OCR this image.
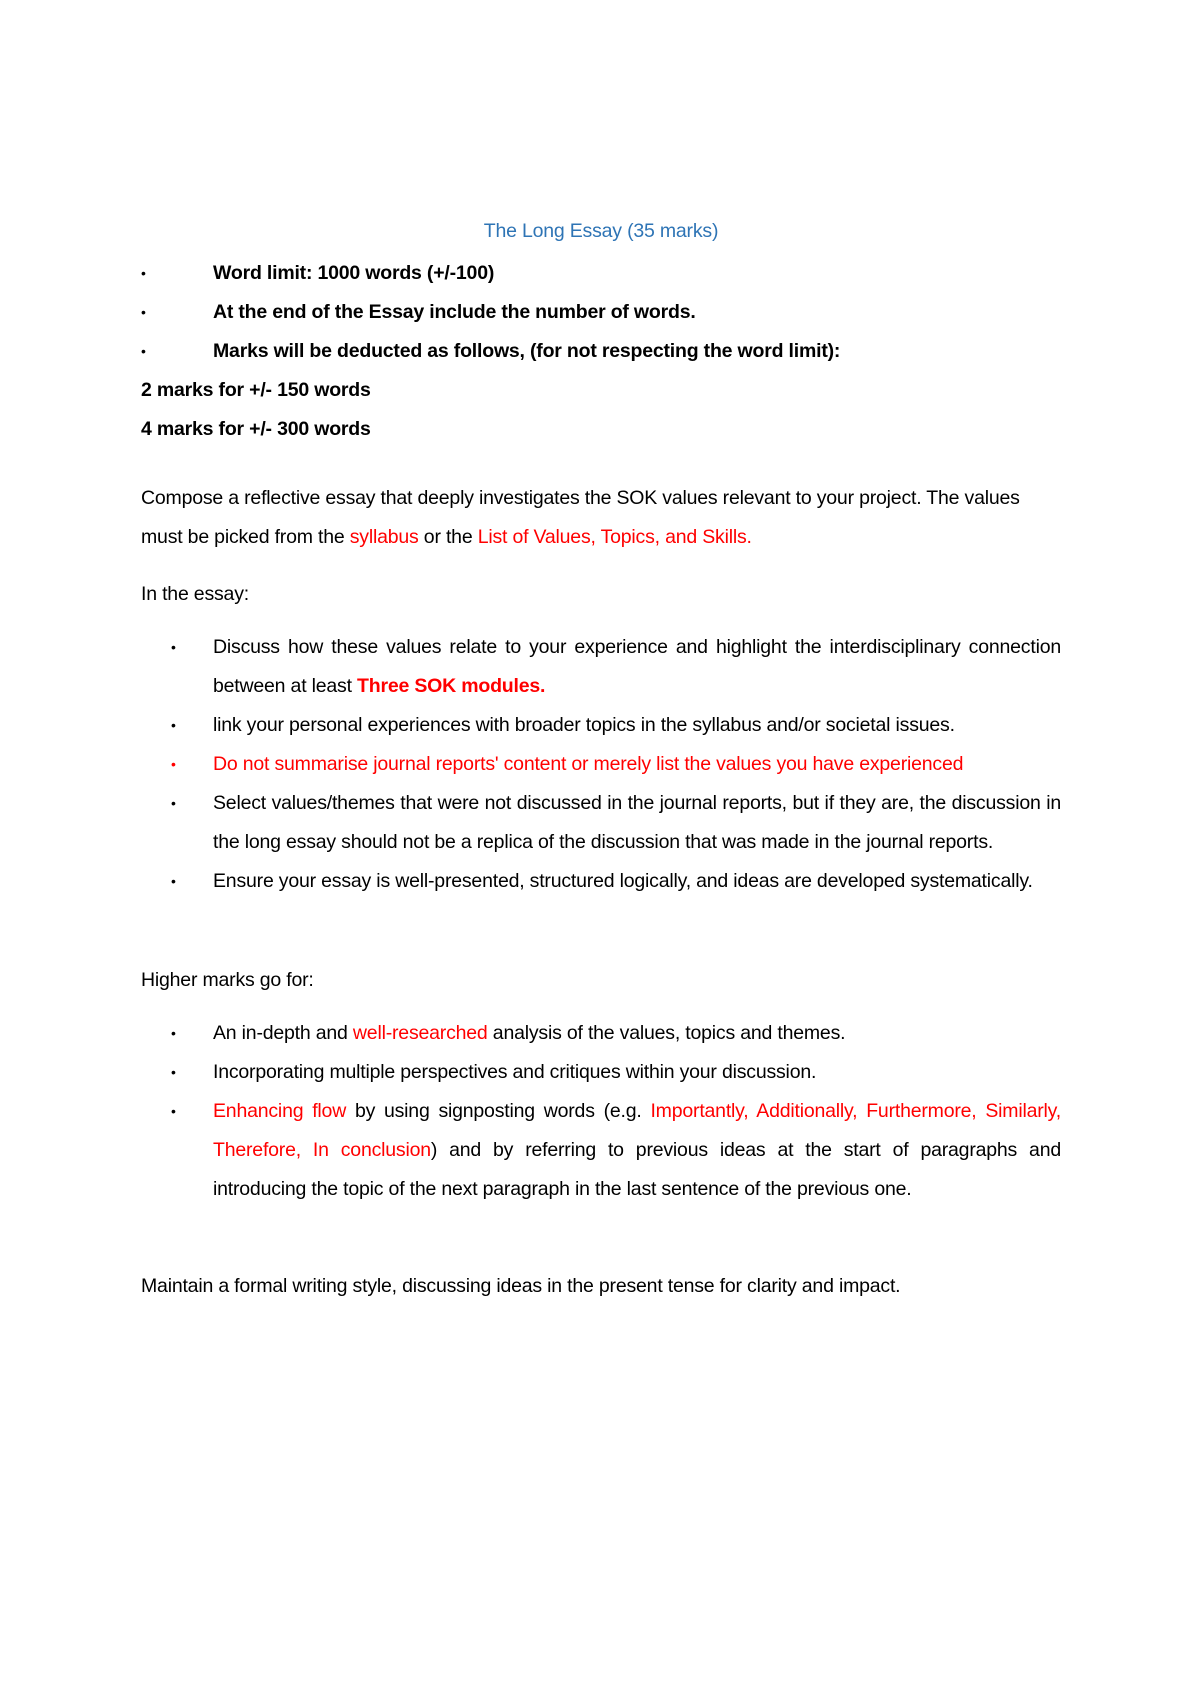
The Long Essay (35 marks)
•	Word limit: 1000 words (+/-100)
•	At the end of the Essay include the number of words.
•	Marks will be deducted as follows, (for not respecting the word limit):
2 marks for +/- 150 words
4 marks for +/- 300 words

Compose a reflective essay that deeply investigates the SOK values relevant to your project. The values must be picked from the syllabus or the List of Values, Topics, and Skills.

In the essay:

• Discuss how these values relate to your experience and highlight the interdisciplinary connection between at least Three SOK modules.
• link your personal experiences with broader topics in the syllabus and/or societal issues.
• Do not summarise journal reports' content or merely list the values you have experienced
• Select values/themes that were not discussed in the journal reports, but if they are, the discussion in the long essay should not be a replica of the discussion that was made in the journal reports.
• Ensure your essay is well-presented, structured logically, and ideas are developed systematically.

Higher marks go for:

• An in-depth and well-researched analysis of the values, topics and themes.
• Incorporating multiple perspectives and critiques within your discussion.
• Enhancing flow by using signposting words (e.g. Importantly, Additionally, Furthermore, Similarly, Therefore, In conclusion) and by referring to previous ideas at the start of paragraphs and introducing the topic of the next paragraph in the last sentence of the previous one.

Maintain a formal writing style, discussing ideas in the present tense for clarity and impact.
